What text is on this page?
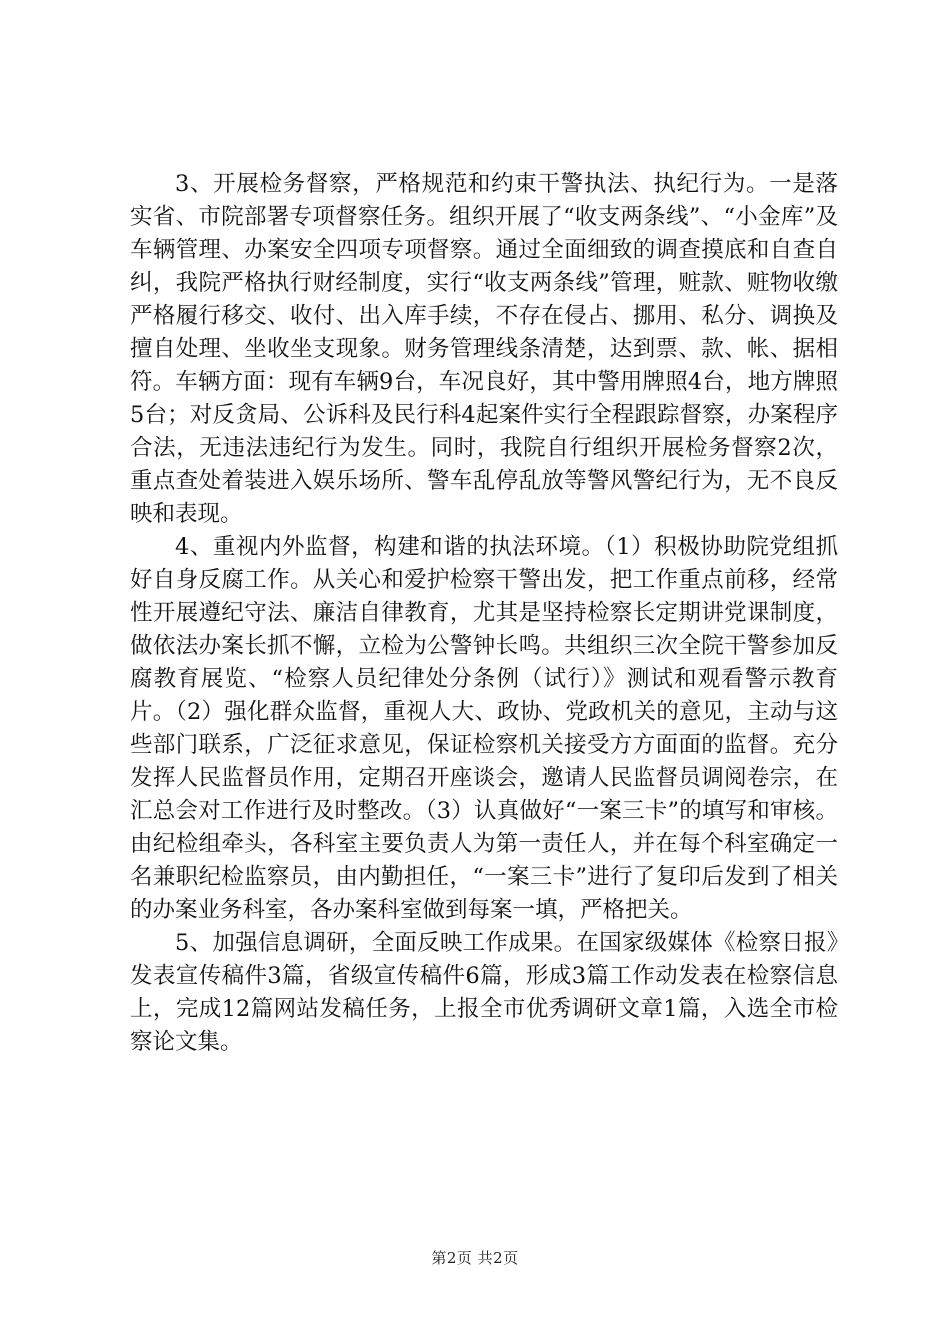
3、开展检务督察，严格规范和约束干警执法、执纪行为。一是落实省、市院部署专项督察任务。组织开展了“收支两条线”、“小金库”及车辆管理、办案安全四项专项督察。通过全面细致的调查摸底和自查自纠，我院严格执行财经制度，实行“收支两条线”管理，赃款、赃物收缴严格履行移交、收付、出入库手续，不存在侵占、挪用、私分、调换及擅自处理、坐收坐支现象。财务管理线条清楚，达到票、款、帐、据相符。车辆方面：现有车辆9台，车况良好，其中警用牌照4台，地方牌照5台；对反贪局、公诉科及民行科4起案件实行全程跟踪督察，办案程序合法，无违法违纪行为发生。同时，我院自行组织开展检务督察2次，重点查处着装进入娱乐场所、警车乱停乱放等警风警纪行为，无不良反映和表现。

4、重视内外监督，构建和谐的执法环境。（1）积极协助院党组抓好自身反腐工作。从关心和爱护检察干警出发，把工作重点前移，经常性开展遵纪守法、廉洁自律教育，尤其是坚持检察长定期讲党课制度，做依法办案长抓不懈，立检为公警钟长鸣。共组织三次全院干警参加反腐教育展览、“检察人员纪律处分条例（试行）》测试和观看警示教育片。（2）强化群众监督，重视人大、政协、党政机关的意见，主动与这些部门联系，广泛征求意见，保证检察机关接受方方面面的监督。充分发挥人民监督员作用，定期召开座谈会，邀请人民监督员调阅卷宗，在汇总会对工作进行及时整改。（3）认真做好“一案三卡”的填写和审核。由纪检组牵头，各科室主要负责人为第一责任人，并在每个科室确定一名兼职纪检监察员，由内勤担任，“一案三卡”进行了复印后发到了相关的办案业务科室，各办案科室做到每案一填，严格把关。

5、加强信息调研，全面反映工作成果。在国家级媒体《检察日报》发表宣传稿件3篇，省级宣传稿件6篇，形成3篇工作动发表在检察信息上，完成12篇网站发稿任务，上报全市优秀调研文章1篇，入选全市检察论文集。

第2页 共2页
